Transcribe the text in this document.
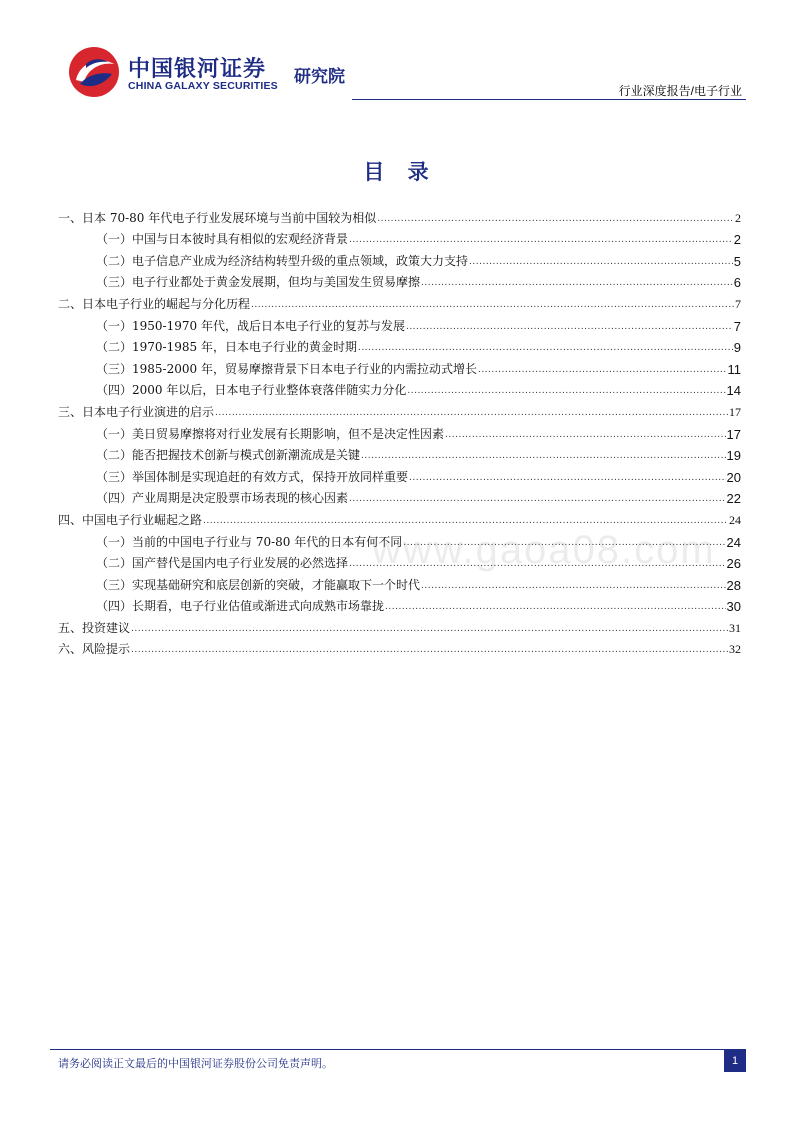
中国银河证券
CHINA GALAXY SECURITIES 研究院
行业深度报告/电子行业
目 录
一、日本 70-80 年代电子行业发展环境与当前中国较为相似 .....	2
（一）中国与日本彼时具有相似的宏观经济背景 .....	2
（二）电子信息产业成为经济结构转型升级的重点领域，政策大力支持 .....	5
（三）电子行业都处于黄金发展期，但均与美国发生贸易摩擦 .....	6
二、日本电子行业的崛起与分化历程 .....	7
（一）1950-1970 年代，战后日本电子行业的复苏与发展 .....	7
（二）1970-1985 年，日本电子行业的黄金时期 .....	9
（三）1985-2000 年，贸易摩擦背景下日本电子行业的内需拉动式增长 .....	11
（四）2000 年以后，日本电子行业整体衰落伴随实力分化 .....	14
三、日本电子行业演进的启示 .....	17
（一）美日贸易摩擦将对行业发展有长期影响，但不是决定性因素 .....	17
（二）能否把握技术创新与模式创新潮流成是关键 .....	19
（三）举国体制是实现追赶的有效方式，保持开放同样重要 .....	20
（四）产业周期是决定股票市场表现的核心因素 .....	22
四、中国电子行业崛起之路 .....	24
（一）当前的中国电子行业与 70-80 年代的日本有何不同 .....	24
（二）国产替代是国内电子行业发展的必然选择 .....	26
（三）实现基础研究和底层创新的突破，才能赢取下一个时代 .....	28
（四）长期看，电子行业估值或渐进式向成熟市场靠拢 .....	30
五、投资建议 .....	31
六、风险提示 .....	32
www.gaoa08.com
请务必阅读正文最后的中国银河证券股份公司免责声明。	1
